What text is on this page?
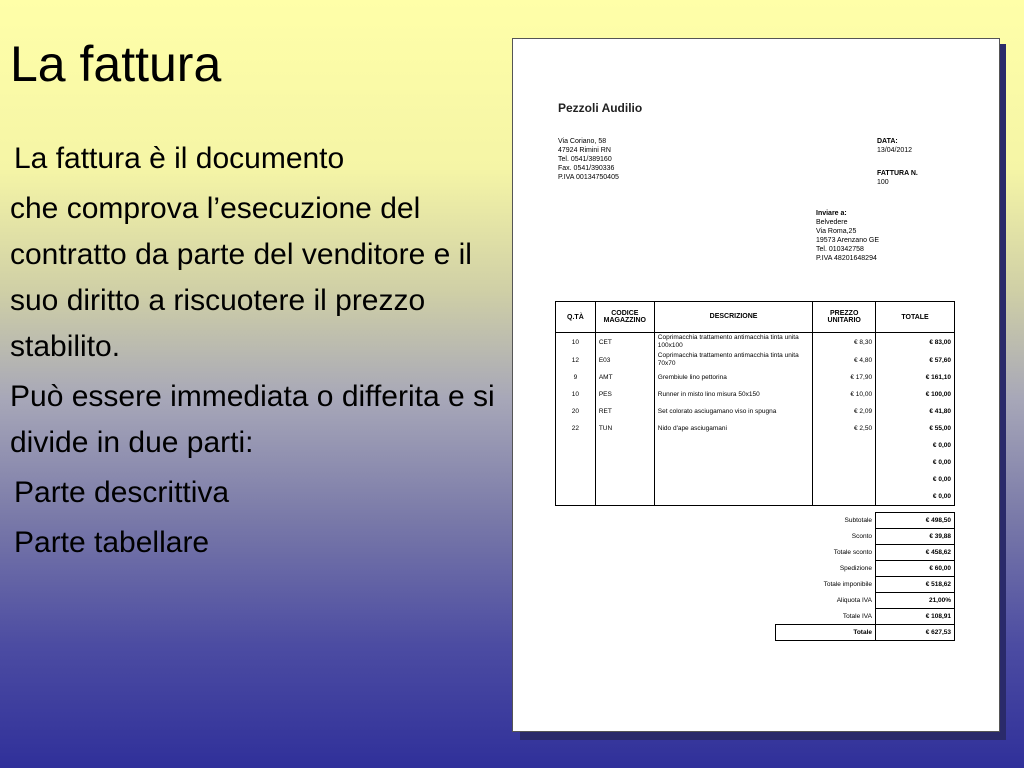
La fattura

La fattura è il documento

che comprova l’esecuzione del contratto da parte del venditore e il suo diritto a riscuotere il prezzo stabilito.

Può essere immediata o differita e si divide in due parti:

Parte descrittiva

Parte tabellare

Pezzoli Audilio
Via Coriano, 58
47924 Rimini RN
Tel. 0541/389160
Fax. 0541/390336
P.IVA 00134750405
DATA:
13/04/2012
FATTURA N.
100
Inviare a:
Belvedere
Via Roma,25
19573 Arenzano GE
Tel. 010342758
P.IVA 48201648294
Q.TÀ	CODICE MAGAZZINO	DESCRIZIONE	PREZZO UNITARIO	TOTALE
10	CET	Coprimacchia trattamento antimacchia tinta unita 100x100	€ 8,30	€ 83,00
12	E03	Coprimacchia trattamento antimacchia tinta unita 70x70	€ 4,80	€ 57,60
9	AMT	Grembiule lino pettorina	€ 17,90	€ 161,10
10	PES	Runner in misto lino misura 50x150	€ 10,00	€ 100,00
20	RET	Set colorato asciugamano viso in spugna	€ 2,09	€ 41,80
22	TUN	Nido d'ape asciugamani	€ 2,50	€ 55,00
				€ 0,00
				€ 0,00
				€ 0,00
				€ 0,00
Subtotale	€ 498,50
Sconto	€ 39,88
Totale sconto	€ 458,62
Spedizione	€ 60,00
Totale imponibile	€ 518,62
Aliquota IVA	21,00%
Totale IVA	€ 108,91
Totale	€ 627,53
